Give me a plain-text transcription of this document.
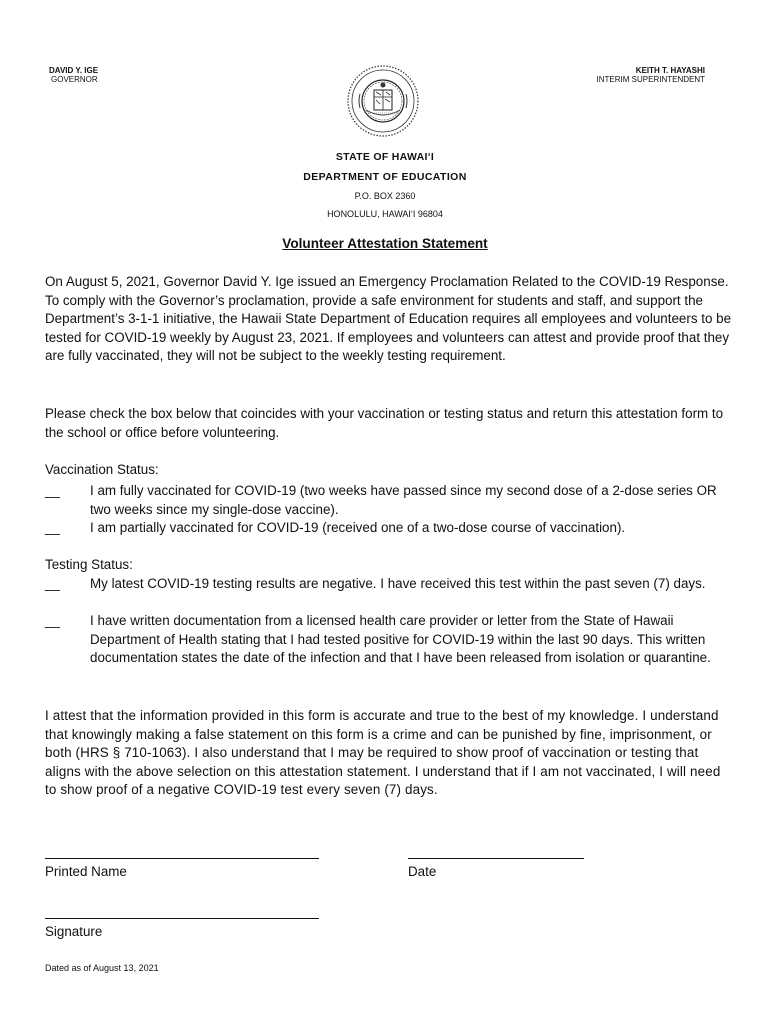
DAVID Y. IGE
GOVERNOR
KEITH T. HAYASHI
INTERIM SUPERINTENDENT
STATE OF HAWAI‘I
DEPARTMENT OF EDUCATION
P.O. BOX 2360
HONOLULU, HAWAI‘I 96804
Volunteer Attestation Statement
On August 5, 2021, Governor David Y. Ige issued an Emergency Proclamation Related to the COVID-19 Response. To comply with the Governor’s proclamation, provide a safe environment for students and staff, and support the Department’s 3-1-1 initiative, the Hawaii State Department of Education requires all employees and volunteers to be tested for COVID-19 weekly by August 23, 2021. If employees and volunteers can attest and provide proof that they are fully vaccinated, they will not be subject to the weekly testing requirement.
Please check the box below that coincides with your vaccination or testing status and return this attestation form to the school or office before volunteering.
Vaccination Status:
__	I am fully vaccinated for COVID-19 (two weeks have passed since my second dose of a 2-dose series OR two weeks since my single-dose vaccine).
__	I am partially vaccinated for COVID-19 (received one of a two-dose course of vaccination).
Testing Status:
__	My latest COVID-19 testing results are negative. I have received this test within the past seven (7) days.
__	I have written documentation from a licensed health care provider or letter from the State of Hawaii Department of Health stating that I had tested positive for COVID-19 within the last 90 days. This written documentation states the date of the infection and that I have been released from isolation or quarantine.
I attest that the information provided in this form is accurate and true to the best of my knowledge. I understand that knowingly making a false statement on this form is a crime and can be punished by fine, imprisonment, or both (HRS § 710-1063). I also understand that I may be required to show proof of vaccination or testing that aligns with the above selection on this attestation statement. I understand that if I am not vaccinated, I will need to show proof of a negative COVID-19 test every seven (7) days.
Printed Name	Date
Signature
Dated as of August 13, 2021
